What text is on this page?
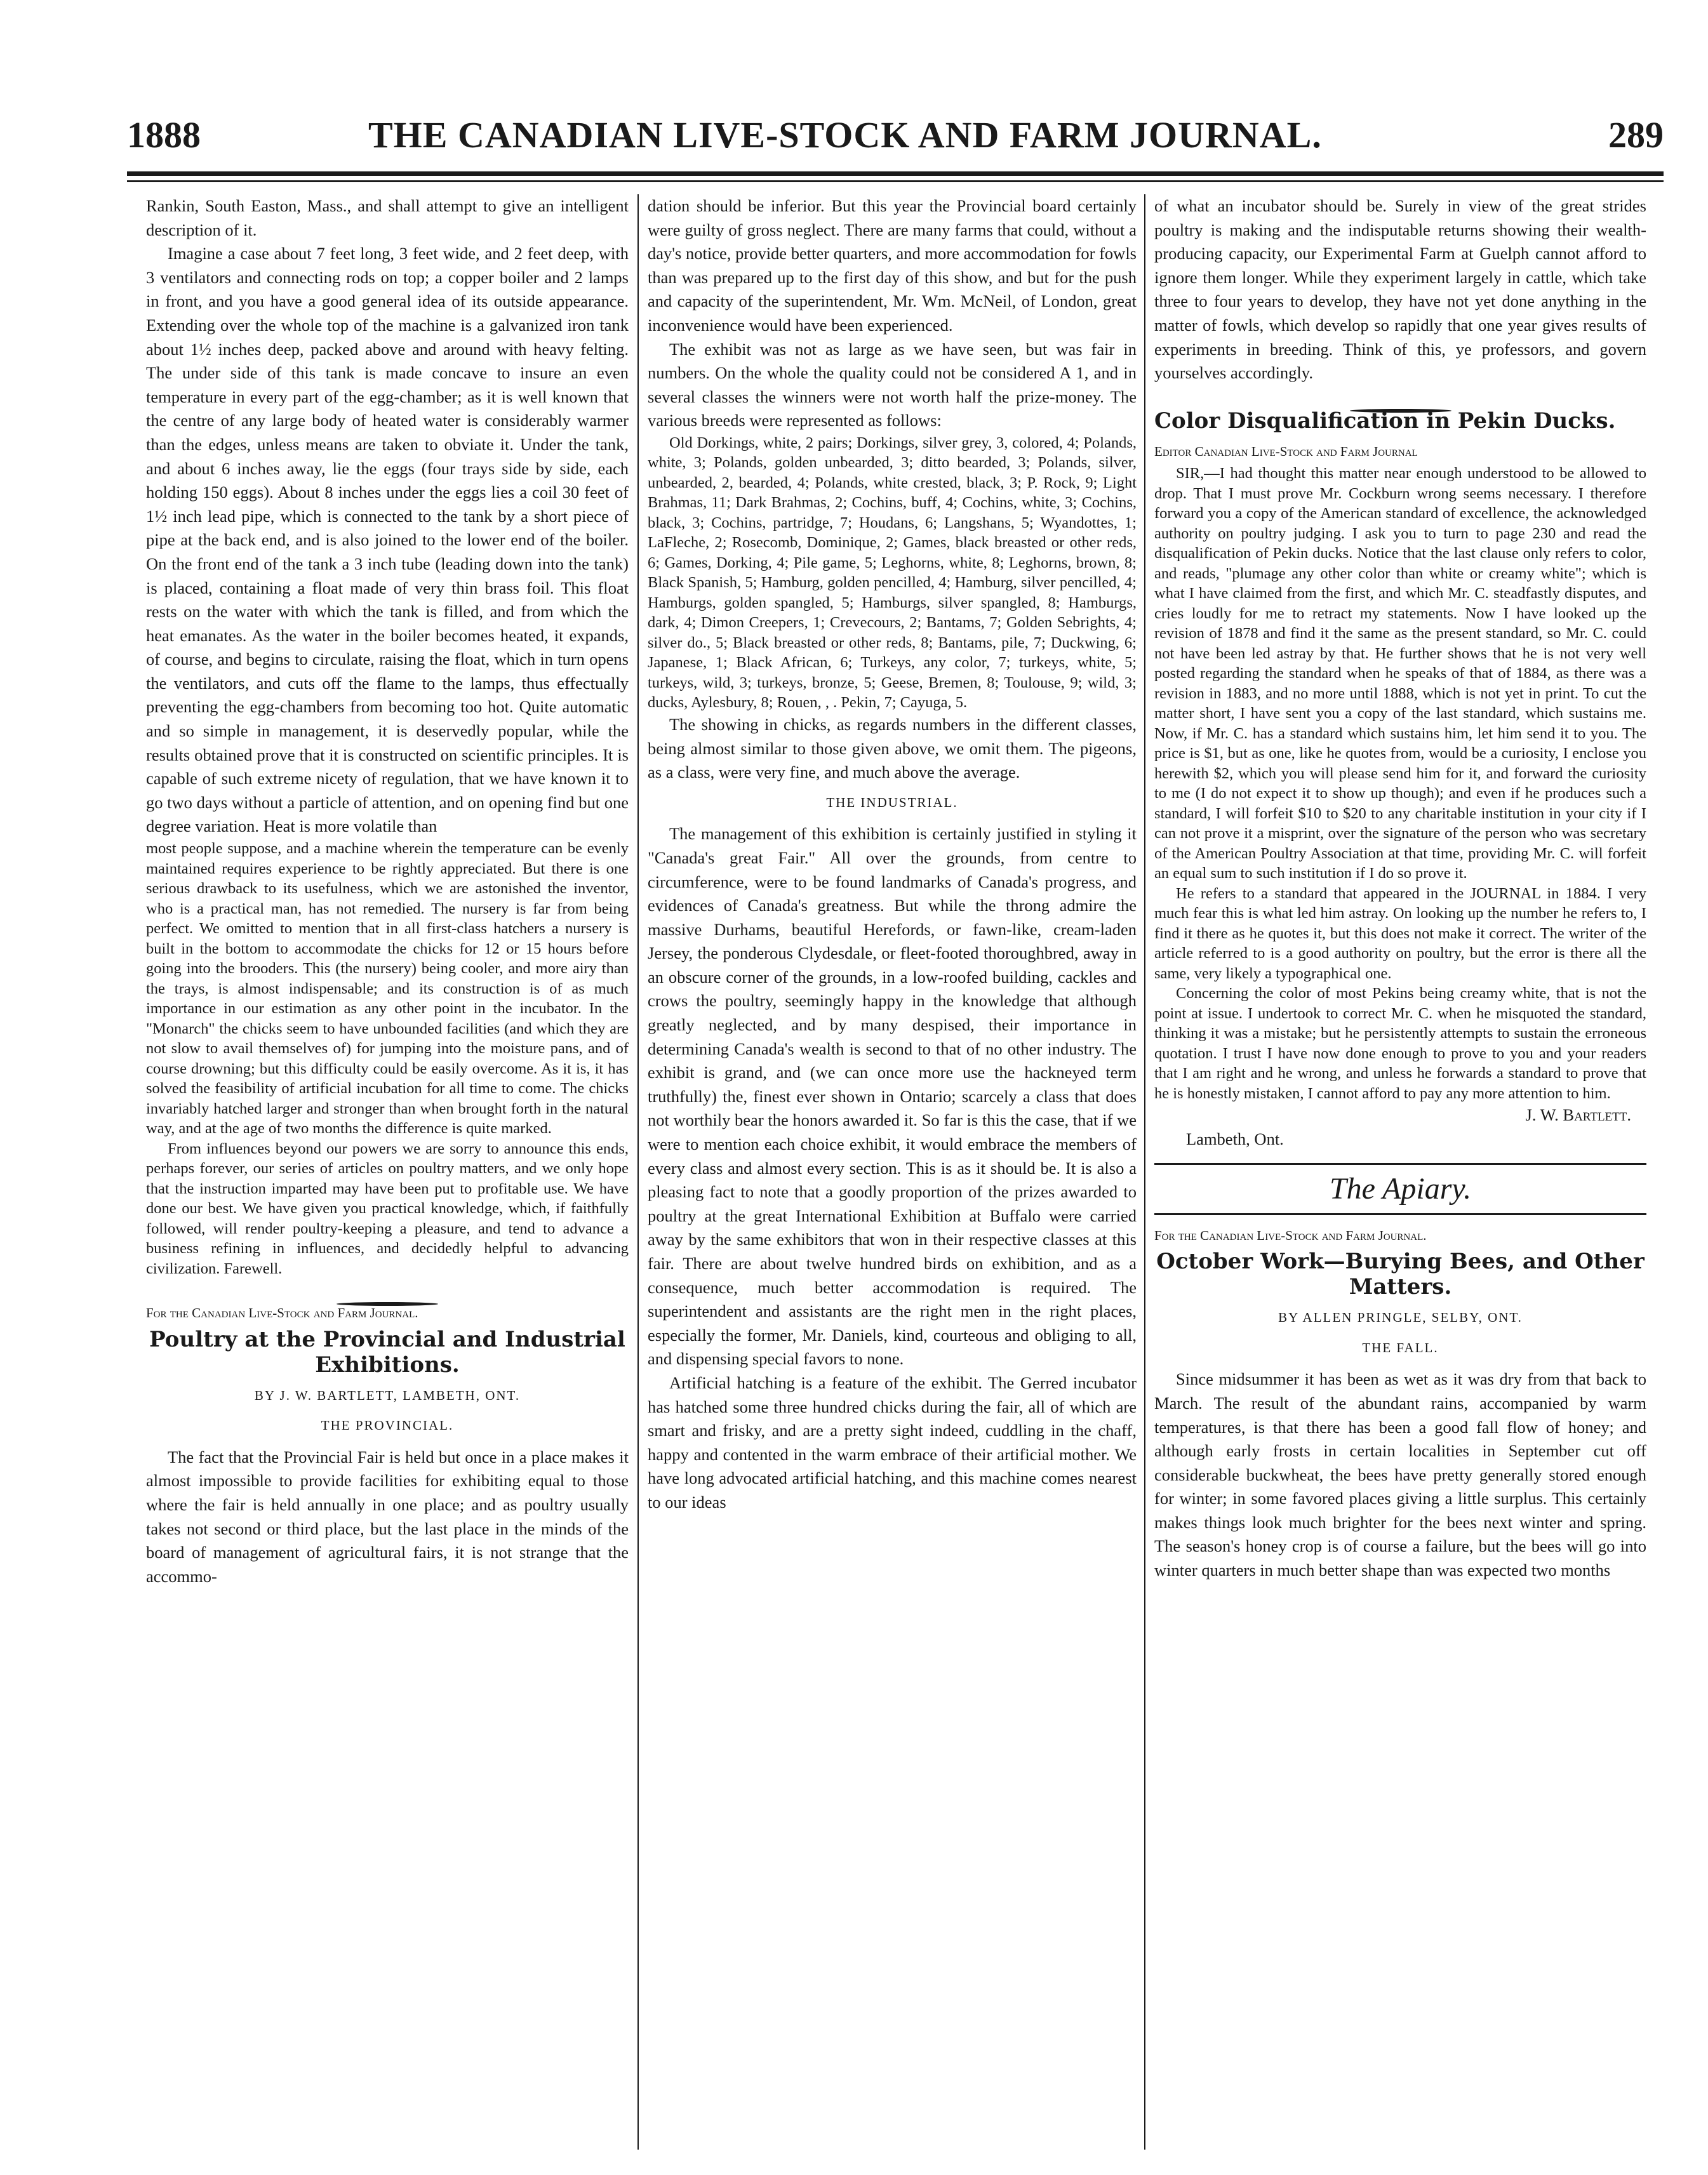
1888	THE CANADIAN LIVE-STOCK AND FARM JOURNAL.	289

Rankin, South Easton, Mass., and shall attempt to give an intelligent description of it.

Imagine a case about 7 feet long, 3 feet wide, and 2 feet deep, with 3 ventilators and connecting rods on top; a copper boiler and 2 lamps in front, and you have a good general idea of its outside appearance. Extending over the whole top of the machine is a galvanized iron tank about 1½ inches deep, packed above and around with heavy felting. The under side of this tank is made concave to insure an even temperature in every part of the egg-chamber; as it is well known that the centre of any large body of heated water is considerably warmer than the edges, unless means are taken to obviate it. Under the tank, and about 6 inches away, lie the eggs (four trays side by side, each holding 150 eggs). About 8 inches under the eggs lies a coil 30 feet of 1½ inch lead pipe, which is connected to the tank by a short piece of pipe at the back end, and is also joined to the lower end of the boiler. On the front end of the tank a 3 inch tube (leading down into the tank) is placed, containing a float made of very thin brass foil. This float rests on the water with which the tank is filled, and from which the heat emanates. As the water in the boiler becomes heated, it expands, of course, and begins to circulate, raising the float, which in turn opens the ventilators, and cuts off the flame to the lamps, thus effectually preventing the egg-chambers from becoming too hot. Quite automatic and so simple in management, it is deservedly popular, while the results obtained prove that it is constructed on scientific principles. It is capable of such extreme nicety of regulation, that we have known it to go two days without a particle of attention, and on opening find but one degree variation. Heat is more volatile than

most people suppose, and a machine wherein the temperature can be evenly maintained requires experience to be rightly appreciated. But there is one serious drawback to its usefulness, which we are astonished the inventor, who is a practical man, has not remedied. The nursery is far from being perfect. We omitted to mention that in all first-class hatchers a nursery is built in the bottom to accommodate the chicks for 12 or 15 hours before going into the brooders. This (the nursery) being cooler, and more airy than the trays, is almost indispensable; and its construction is of as much importance in our estimation as any other point in the incubator. In the "Monarch" the chicks seem to have unbounded facilities (and which they are not slow to avail themselves of) for jumping into the moisture pans, and of course drowning; but this difficulty could be easily overcome. As it is, it has solved the feasibility of artificial incubation for all time to come. The chicks invariably hatched larger and stronger than when brought forth in the natural way, and at the age of two months the difference is quite marked.

From influences beyond our powers we are sorry to announce this ends, perhaps forever, our series of articles on poultry matters, and we only hope that the instruction imparted may have been put to profitable use. We have done our best. We have given you practical knowledge, which, if faithfully followed, will render poultry-keeping a pleasure, and tend to advance a business refining in influences, and decidedly helpful to advancing civilization. Farewell.

For the Canadian Live-Stock and Farm Journal.

Poultry at the Provincial and Industrial Exhibitions.
BY J. W. BARTLETT, LAMBETH, ONT.
THE PROVINCIAL.

The fact that the Provincial Fair is held but once in a place makes it almost impossible to provide facilities for exhibiting equal to those where the fair is held annually in one place; and as poultry usually takes not second or third place, but the last place in the minds of the board of management of agricultural fairs, it is not strange that the accommo-

dation should be inferior. But this year the Provincial board certainly were guilty of gross neglect. There are many farms that could, without a day's notice, provide better quarters, and more accommodation for fowls than was prepared up to the first day of this show, and but for the push and capacity of the superintendent, Mr. Wm. McNeil, of London, great inconvenience would have been experienced.

The exhibit was not as large as we have seen, but was fair in numbers. On the whole the quality could not be considered A 1, and in several classes the winners were not worth half the prize-money. The various breeds were represented as follows:

Old Dorkings, white, 2 pairs; Dorkings, silver grey, 3, colored, 4; Polands, white, 3; Polands, golden unbearded, 3; ditto bearded, 3; Polands, silver, unbearded, 2, bearded, 4; Polands, white crested, black, 3; P. Rock, 9; Light Brahmas, 11; Dark Brahmas, 2; Cochins, buff, 4; Cochins, white, 3; Cochins, black, 3; Cochins, partridge, 7; Houdans, 6; Langshans, 5; Wyandottes, 1; LaFleche, 2; Rosecomb, Dominique, 2; Games, black breasted or other reds, 6; Games, Dorking, 4; Pile game, 5; Leghorns, white, 8; Leghorns, brown, 8; Black Spanish, 5; Hamburg, golden pencilled, 4; Hamburg, silver pencilled, 4; Hamburgs, golden spangled, 5; Hamburgs, silver spangled, 8; Hamburgs, dark, 4; Dimon Creepers, 1; Crevecours, 2; Bantams, 7; Golden Sebrights, 4; silver do., 5; Black breasted or other reds, 8; Bantams, pile, 7; Duckwing, 6; Japanese, 1; Black African, 6; Turkeys, any color, 7; turkeys, white, 5; turkeys, wild, 3; turkeys, bronze, 5; Geese, Bremen, 8; Toulouse, 9; wild, 3; ducks, Aylesbury, 8; Rouen, , . Pekin, 7; Cayuga, 5.

The showing in chicks, as regards numbers in the different classes, being almost similar to those given above, we omit them. The pigeons, as a class, were very fine, and much above the average.

THE INDUSTRIAL.

The management of this exhibition is certainly justified in styling it "Canada's great Fair." All over the grounds, from centre to circumference, were to be found landmarks of Canada's progress, and evidences of Canada's greatness. But while the throng admire the massive Durhams, beautiful Herefords, or fawn-like, cream-laden Jersey, the ponderous Clydesdale, or fleet-footed thoroughbred, away in an obscure corner of the grounds, in a low-roofed building, cackles and crows the poultry, seemingly happy in the knowledge that although greatly neglected, and by many despised, their importance in determining Canada's wealth is second to that of no other industry. The exhibit is grand, and (we can once more use the hackneyed term truthfully) the, finest ever shown in Ontario; scarcely a class that does not worthily bear the honors awarded it. So far is this the case, that if we were to mention each choice exhibit, it would embrace the members of every class and almost every section. This is as it should be. It is also a pleasing fact to note that a goodly proportion of the prizes awarded to poultry at the great International Exhibition at Buffalo were carried away by the same exhibitors that won in their respective classes at this fair. There are about twelve hundred birds on exhibition, and as a consequence, much better accommodation is required. The superintendent and assistants are the right men in the right places, especially the former, Mr. Daniels, kind, courteous and obliging to all, and dispensing special favors to none.

Artificial hatching is a feature of the exhibit. The Gerred incubator has hatched some three hundred chicks during the fair, all of which are smart and frisky, and are a pretty sight indeed, cuddling in the chaff, happy and contented in the warm embrace of their artificial mother. We have long advocated artificial hatching, and this machine comes nearest to our ideas

of what an incubator should be. Surely in view of the great strides poultry is making and the indisputable returns showing their wealth-producing capacity, our Experimental Farm at Guelph cannot afford to ignore them longer. While they experiment largely in cattle, which take three to four years to develop, they have not yet done anything in the matter of fowls, which develop so rapidly that one year gives results of experiments in breeding. Think of this, ye professors, and govern yourselves accordingly.

Color Disqualification in Pekin Ducks.

Editor Canadian Live-Stock and Farm Journal

SIR,—I had thought this matter near enough understood to be allowed to drop. That I must prove Mr. Cockburn wrong seems necessary. I therefore forward you a copy of the American standard of excellence, the acknowledged authority on poultry judging. I ask you to turn to page 230 and read the disqualification of Pekin ducks. Notice that the last clause only refers to color, and reads, "plumage any other color than white or creamy white"; which is what I have claimed from the first, and which Mr. C. steadfastly disputes, and cries loudly for me to retract my statements. Now I have looked up the revision of 1878 and find it the same as the present standard, so Mr. C. could not have been led astray by that. He further shows that he is not very well posted regarding the standard when he speaks of that of 1884, as there was a revision in 1883, and no more until 1888, which is not yet in print. To cut the matter short, I have sent you a copy of the last standard, which sustains me. Now, if Mr. C. has a standard which sustains him, let him send it to you. The price is $1, but as one, like he quotes from, would be a curiosity, I enclose you herewith $2, which you will please send him for it, and forward the curiosity to me (I do not expect it to show up though); and even if he produces such a standard, I will forfeit $10 to $20 to any charitable institution in your city if I can not prove it a misprint, over the signature of the person who was secretary of the American Poultry Association at that time, providing Mr. C. will forfeit an equal sum to such institution if I do so prove it.

He refers to a standard that appeared in the JOURNAL in 1884. I very much fear this is what led him astray. On looking up the number he refers to, I find it there as he quotes it, but this does not make it correct. The writer of the article referred to is a good authority on poultry, but the error is there all the same, very likely a typographical one.

Concerning the color of most Pekins being creamy white, that is not the point at issue. I undertook to correct Mr. C. when he misquoted the standard, thinking it was a mistake; but he persistently attempts to sustain the erroneous quotation. I trust I have now done enough to prove to you and your readers that I am right and he wrong, and unless he forwards a standard to prove that he is honestly mistaken, I cannot afford to pay any more attention to him.

J. W. Bartlett.

Lambeth, Ont.

The Apiary.

For the Canadian Live-Stock and Farm Journal.

October Work—Burying Bees, and Other Matters.
BY ALLEN PRINGLE, SELBY, ONT.
THE FALL.

Since midsummer it has been as wet as it was dry from that back to March. The result of the abundant rains, accompanied by warm temperatures, is that there has been a good fall flow of honey; and although early frosts in certain localities in September cut off considerable buckwheat, the bees have pretty generally stored enough for winter; in some favored places giving a little surplus. This certainly makes things look much brighter for the bees next winter and spring. The season's honey crop is of course a failure, but the bees will go into winter quarters in much better shape than was expected two months
